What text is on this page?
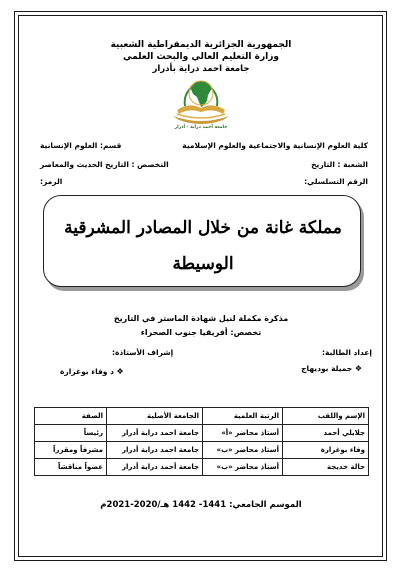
الجمهورية الجزائرية الديمقراطية الشعبية
وزارة التعليم العالي والبحث العلمي
جامعة احمد دراية بأدرار
جامعة أحمد دراية - أدرار
كلية العلوم الإنسانية والاجتماعية والعلوم الإسلامية
قسم: العلوم الإنسانية
الشعبة : التاريخ
التخصص : التاريخ الحديث والمعاصر
الرقم التسلسلي:
الرمز:
مملكة غانة من خلال المصادر المشرقية
الوسيطة
مذكرة مكملة لنيل شهادة الماستر في التاريخ
تخصص: أفريقيا جنوب الصحراء
إعداد الطالبة:
إشراف الأستاذة:
❖ جميلة بوديهاج
❖ د وفاء بوغرارة
الإسم واللقب	الرتبة العلمية	الجامعة الأصلية	الصفة
جلايلي أحمد	أستاذ محاضر «أ»	جامعة احمد دراية أدرار	رئيساً
وفاء بوغرارة	أستاذ محاضر «ب»	جامعة احمد دراية أدرار	مشرفاً ومقرراً
حالة خديجة	أستاذ محاضر «ب»	جامعة أحمد دراية أدرار	عضواً مناقشاً
الموسم الجامعي: 1441- 1442 هـ/2020-2021م
